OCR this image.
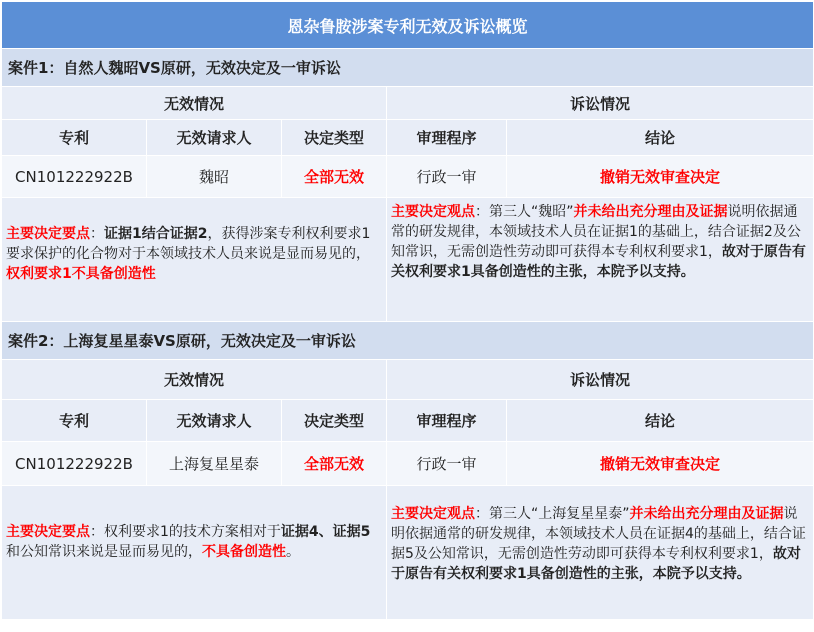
恩杂鲁胺涉案专利无效及诉讼概览				
案件1：自然人魏昭VS原研，无效决定及一审诉讼				
无效情况			诉讼情况	
专利	无效请求人	决定类型	审理程序	结论
CN101222922B	魏昭	全部无效	行政一审	撤销无效审查决定
主要决定要点：证据1结合证据2，获得涉案专利权利要求1要求保护的化合物对于本领域技术人员来说是显而易见的，权利要求1不具备创造性			主要决定观点：第三人“魏昭”并未给出充分理由及证据说明依据通常的研发规律，本领域技术人员在证据1的基础上，结合证据2及公知常识，无需创造性劳动即可获得本专利权利要求1，故对于原告有关权利要求1具备创造性的主张，本院予以支持。	
案件2：上海复星星泰VS原研，无效决定及一审诉讼				
无效情况			诉讼情况	
专利	无效请求人	决定类型	审理程序	结论
CN101222922B	上海复星星泰	全部无效	行政一审	撤销无效审查决定
主要决定要点：权利要求1的技术方案相对于证据4、证据5和公知常识来说是显而易见的，不具备创造性。			主要决定观点：第三人“上海复星星泰”并未给出充分理由及证据说明依据通常的研发规律，本领域技术人员在证据4的基础上，结合证据5及公知常识，无需创造性劳动即可获得本专利权利要求1，故对于原告有关权利要求1具备创造性的主张，本院予以支持。	
